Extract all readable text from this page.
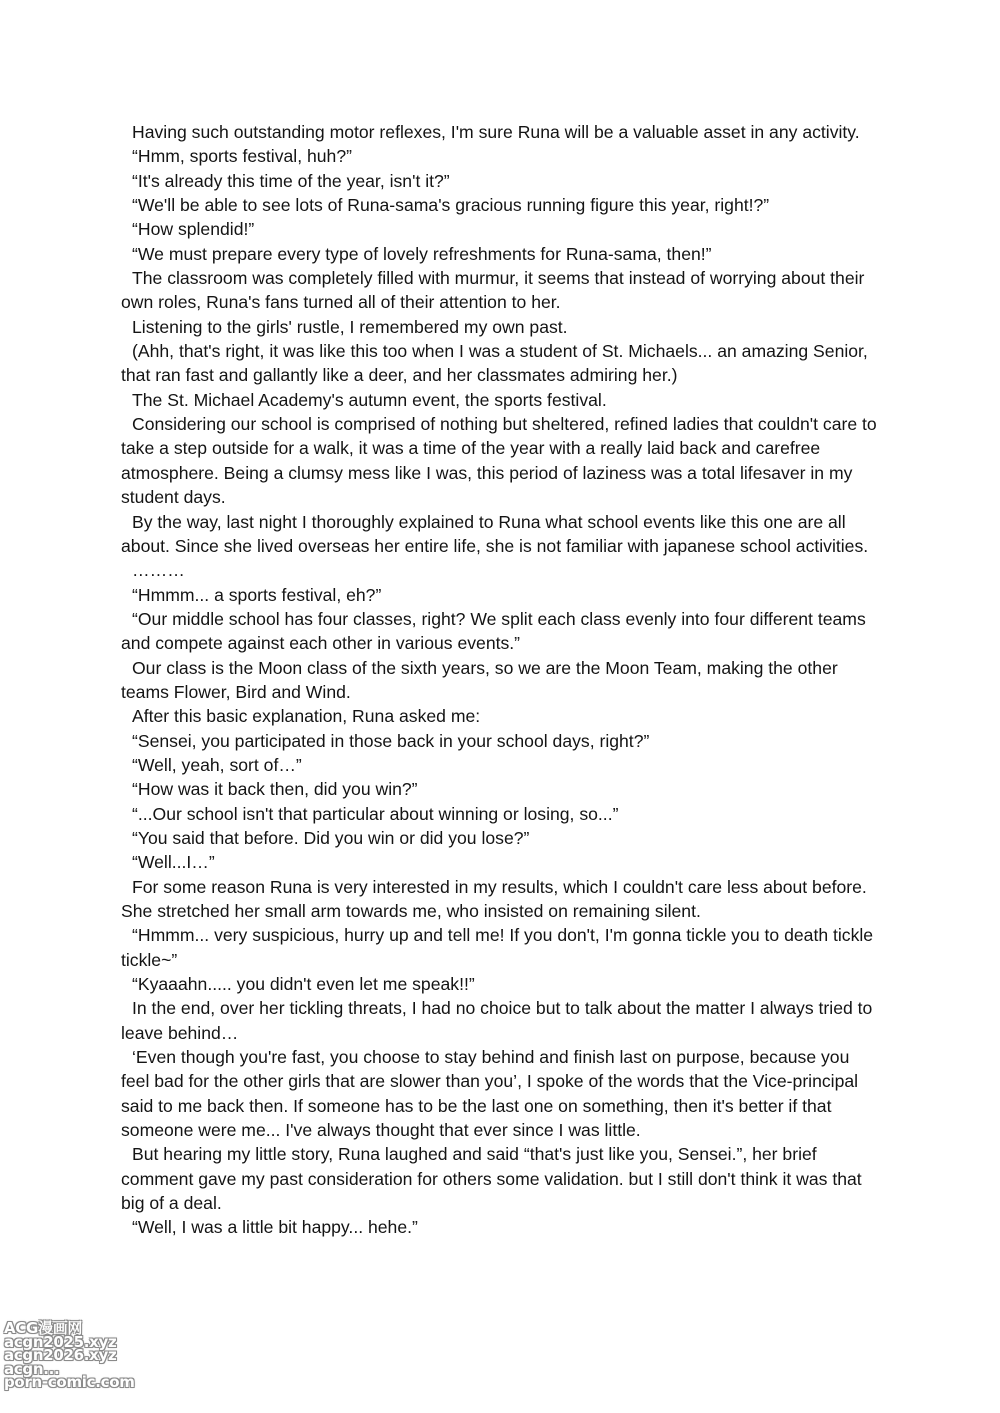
Having such outstanding motor reflexes, I'm sure Runa will be a valuable asset in any activity.

“Hmm, sports festival, huh?”

“It's already this time of the year, isn't it?”

“We'll be able to see lots of Runa-sama's gracious running figure this year, right!?”

“How splendid!”

“We must prepare every type of lovely refreshments for Runa-sama, then!”

The classroom was completely filled with murmur, it seems that instead of worrying about their own roles, Runa's fans turned all of their attention to her.

Listening to the girls' rustle, I remembered my own past.

(Ahh, that's right, it was like this too when I was a student of St. Michaels... an amazing Senior, that ran fast and gallantly like a deer, and her classmates admiring her.)

The St. Michael Academy's autumn event, the sports festival.

Considering our school is comprised of nothing but sheltered, refined ladies that couldn't care to take a step outside for a walk, it was a time of the year with a really laid back and carefree atmosphere. Being a clumsy mess like I was, this period of laziness was a total lifesaver in my student days.

By the way, last night I thoroughly explained to Runa what school events like this one are all about. Since she lived overseas her entire life, she is not familiar with japanese school activities.

………

“Hmmm... a sports festival, eh?”

“Our middle school has four classes, right? We split each class evenly into four different teams and compete against each other in various events.”

Our class is the Moon class of the sixth years, so we are the Moon Team, making the other teams Flower, Bird and Wind.

After this basic explanation, Runa asked me:

“Sensei, you participated in those back in your school days, right?”

“Well, yeah, sort of…”

“How was it back then, did you win?”

“...Our school isn't that particular about winning or losing, so...”

“You said that before. Did you win or did you lose?”

“Well...I…”

For some reason Runa is very interested in my results, which I couldn't care less about before. She stretched her small arm towards me, who insisted on remaining silent.

“Hmmm... very suspicious, hurry up and tell me! If you don't, I'm gonna tickle you to death tickle tickle~”

“Kyaaahn..... you didn't even let me speak!!”

In the end, over her tickling threats, I had no choice but to talk about the matter I always tried to leave behind…

‘Even though you're fast, you choose to stay behind and finish last on purpose, because you feel bad for the other girls that are slower than you’, I spoke of the words that the Vice-principal said to me back then. If someone has to be the last one on something, then it's better if that someone were me... I've always thought that ever since I was little.

But hearing my little story, Runa laughed and said “that's just like you, Sensei.”, her brief comment gave my past consideration for others some validation. but I still don't think it was that big of a deal.

“Well, I was a little bit happy... hehe.”

ACG漫画网
acgn2025.xyz
acgn2026.xyz
acgn...
porn-comic.com
